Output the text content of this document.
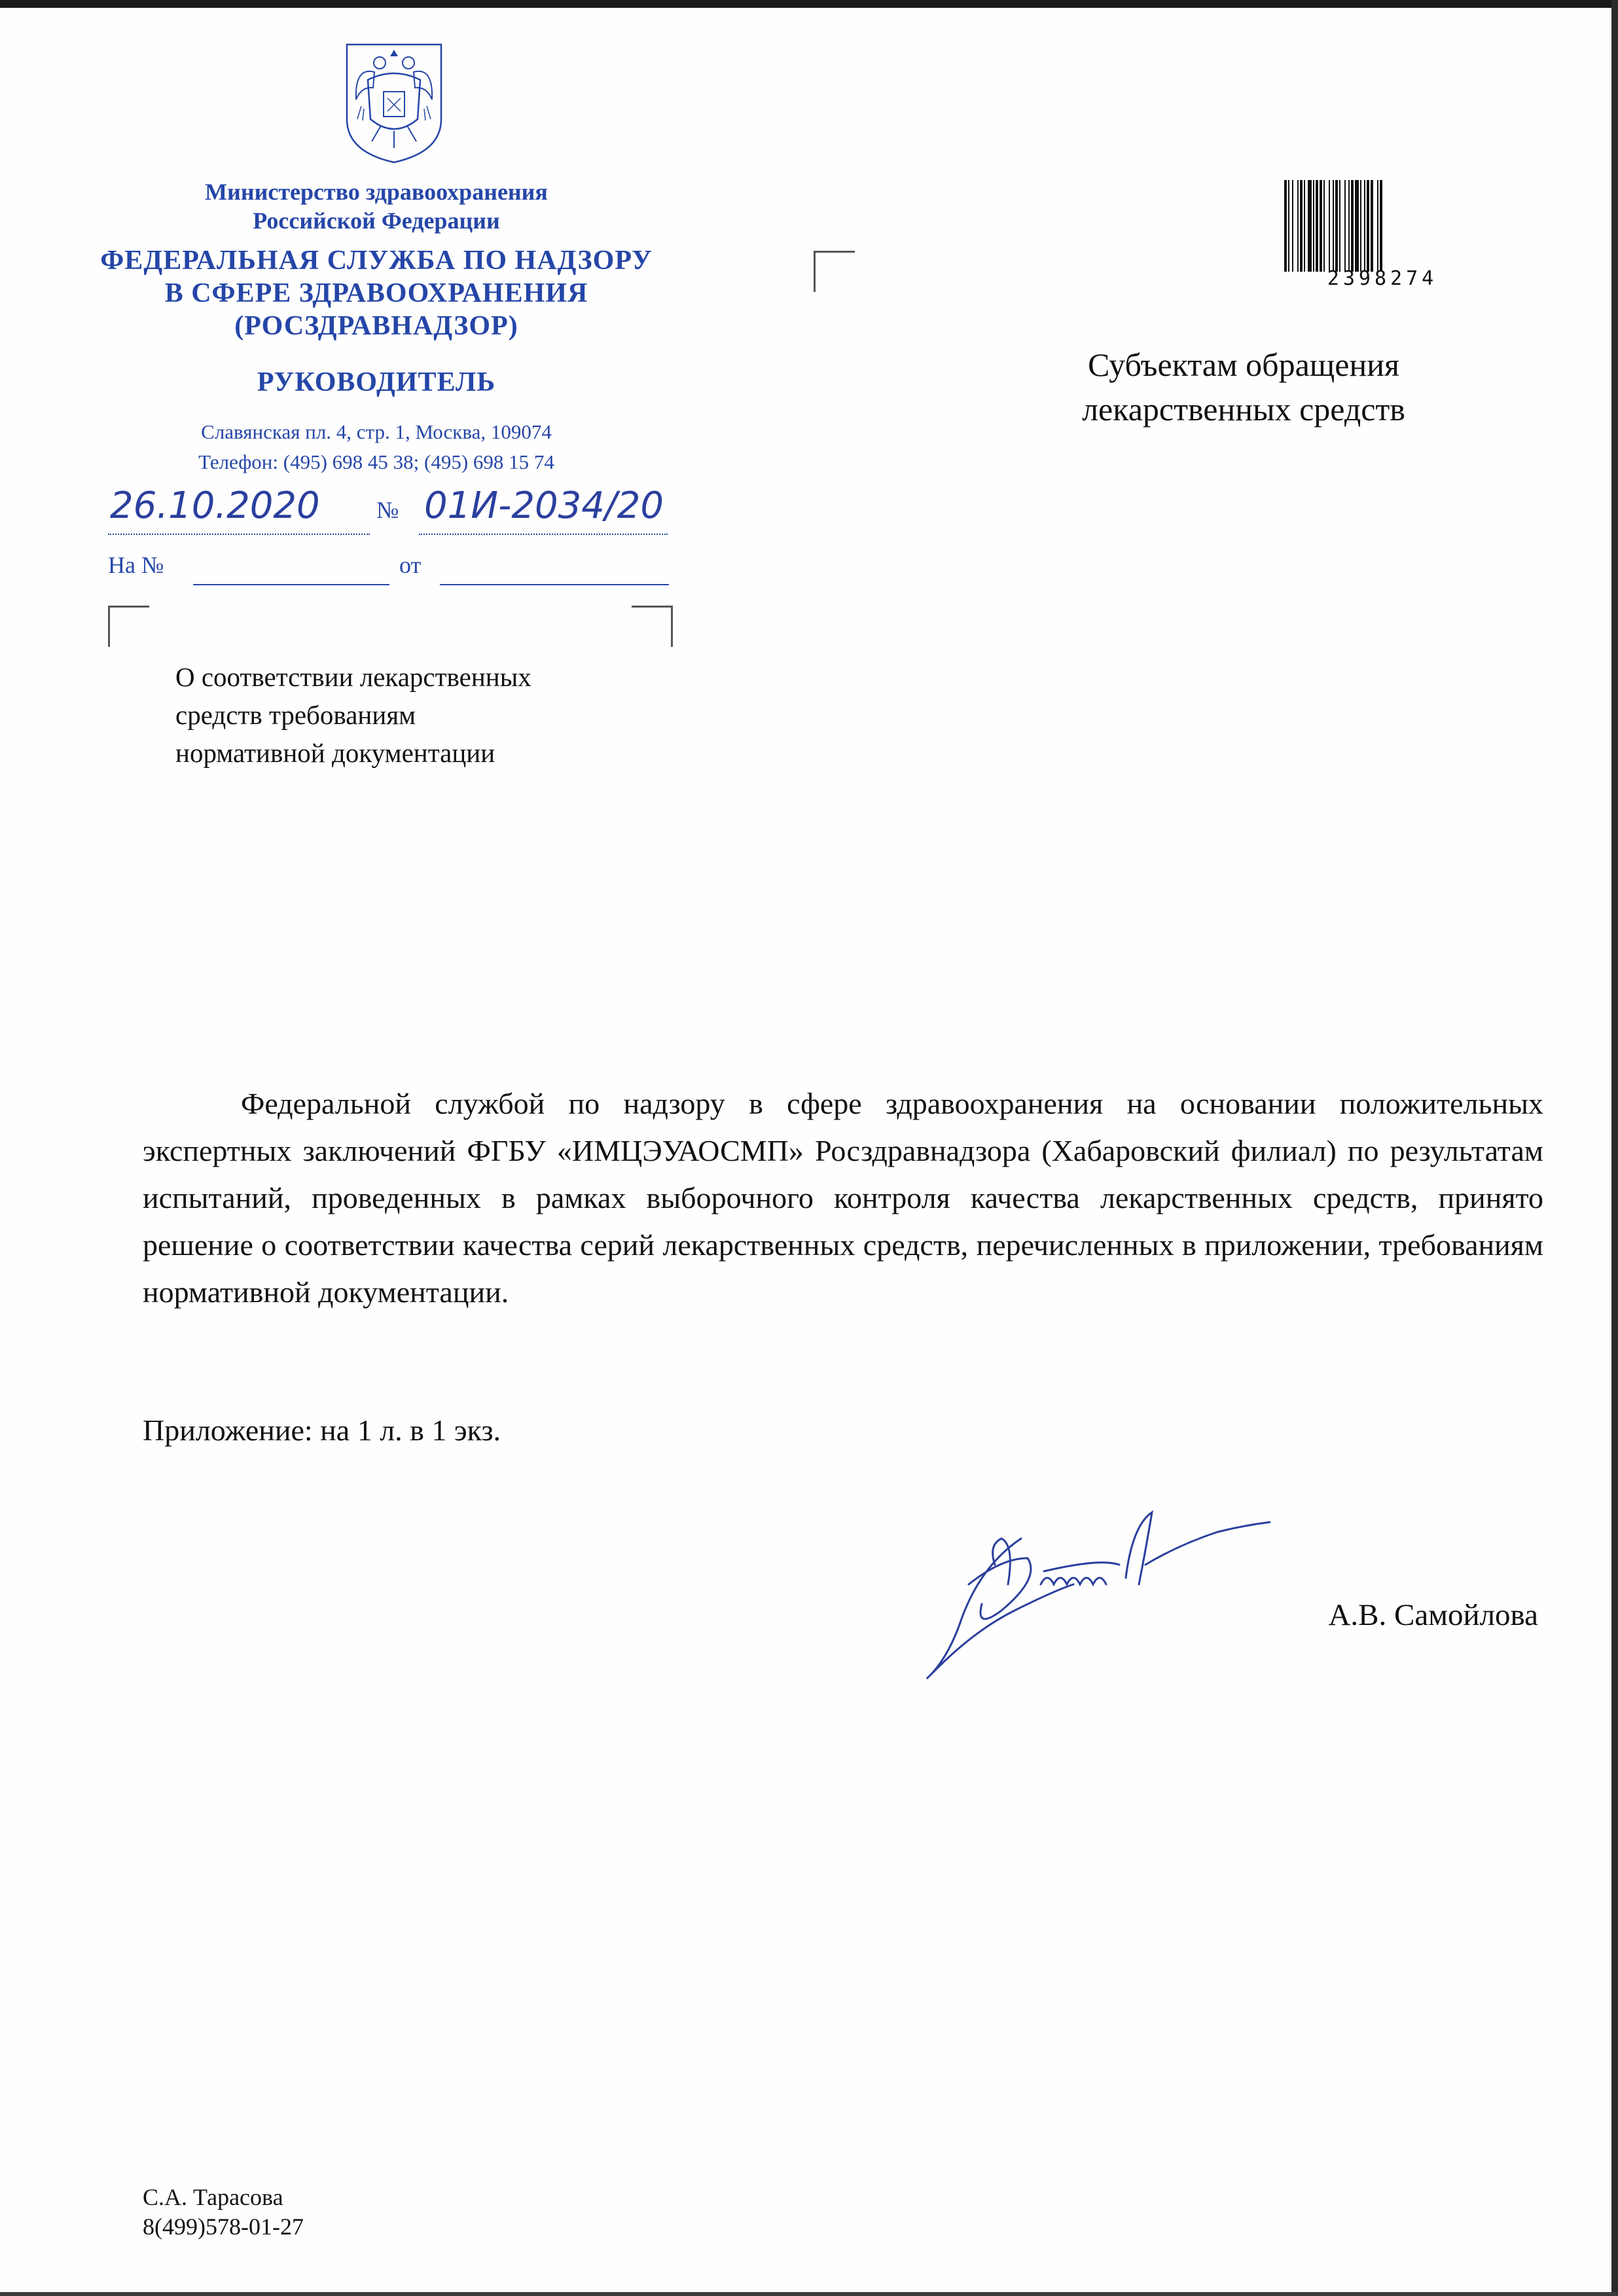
Министерство здравоохранения
Российской Федерации
ФЕДЕРАЛЬНАЯ СЛУЖБА ПО НАДЗОРУ
В СФЕРЕ ЗДРАВООХРАНЕНИЯ
(РОСЗДРАВНАДЗОР)
РУКОВОДИТЕЛЬ
Славянская пл. 4, стр. 1, Москва, 109074
Телефон: (495) 698 45 38; (495) 698 15 74
26.10.2020 № 01И-2034/20
На №	от
2398274
Субъектам обращения
лекарственных средств
О соответствии лекарственных
средств требованиям
нормативной документации

Федеральной службой по надзору в сфере здравоохранения на основании положительных экспертных заключений ФГБУ «ИМЦЭУАОСМП» Росздравнадзора (Хабаровский филиал) по результатам испытаний, проведенных в рамках выборочного контроля качества лекарственных средств, принято решение о соответствии качества серий лекарственных средств, перечисленных в приложении, требованиям нормативной документации.

Приложение: на 1 л. в 1 экз.
А.В. Самойлова
С.А. Тарасова
8(499)578-01-27
